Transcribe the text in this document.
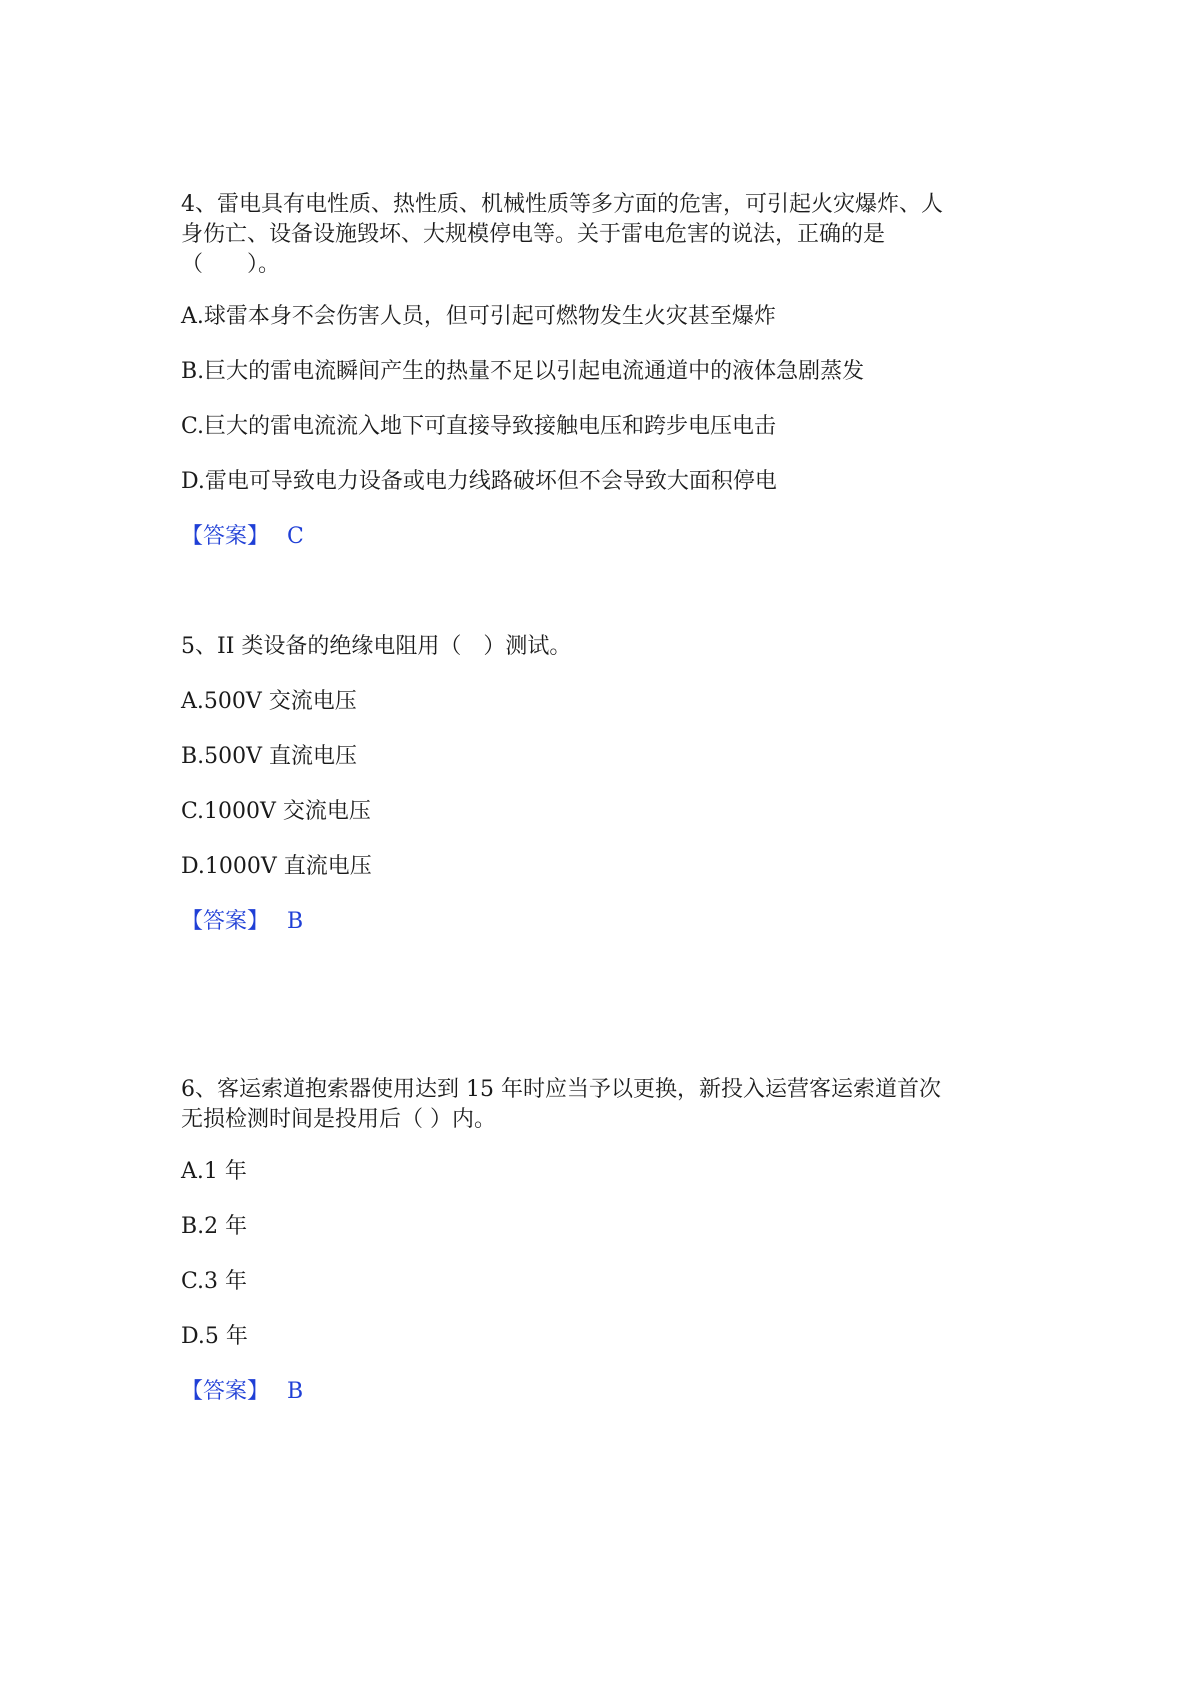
4、雷电具有电性质、热性质、机械性质等多方面的危害，可引起火灾爆炸、人
身伤亡、设备设施毁坏、大规模停电等。关于雷电危害的说法，正确的是
（　　）。
A.球雷本身不会伤害人员，但可引起可燃物发生火灾甚至爆炸
B.巨大的雷电流瞬间产生的热量不足以引起电流通道中的液体急剧蒸发
C.巨大的雷电流流入地下可直接导致接触电压和跨步电压电击
D.雷电可导致电力设备或电力线路破坏但不会导致大面积停电
【答案】 C
5、II 类设备的绝缘电阻用（　）测试。
A.500V 交流电压
B.500V 直流电压
C.1000V 交流电压
D.1000V 直流电压
【答案】 B
6、客运索道抱索器使用达到 15 年时应当予以更换，新投入运营客运索道首次
无损检测时间是投用后（ ）内。
A.1 年
B.2 年
C.3 年
D.5 年
【答案】 B
